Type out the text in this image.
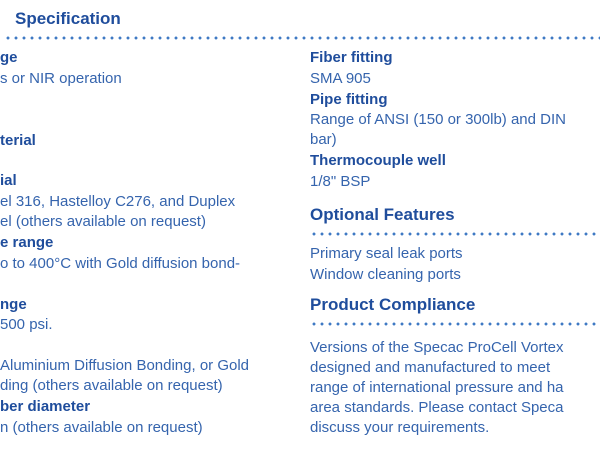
Specification
ge
s or NIR operation
terial
ial
el 316, Hastelloy C276, and Duplex
el (others available on request)
e range
o to 400°C with Gold diffusion bond-
nge
500 psi.
Aluminium Diffusion Bonding, or Gold
ding (others available on request)
ber diameter
n (others available on request)
Fiber fitting
SMA 905
Pipe fitting
Range of ANSI (150 or 300lb) and DIN
bar)
Thermocouple well
1/8" BSP
Optional Features
Primary seal leak ports
Window cleaning ports
Product Compliance
Versions of the Specac ProCell Vortex
designed and manufactured to meet
range of international pressure and ha
area standards. Please contact Speca
discuss your requirements.
